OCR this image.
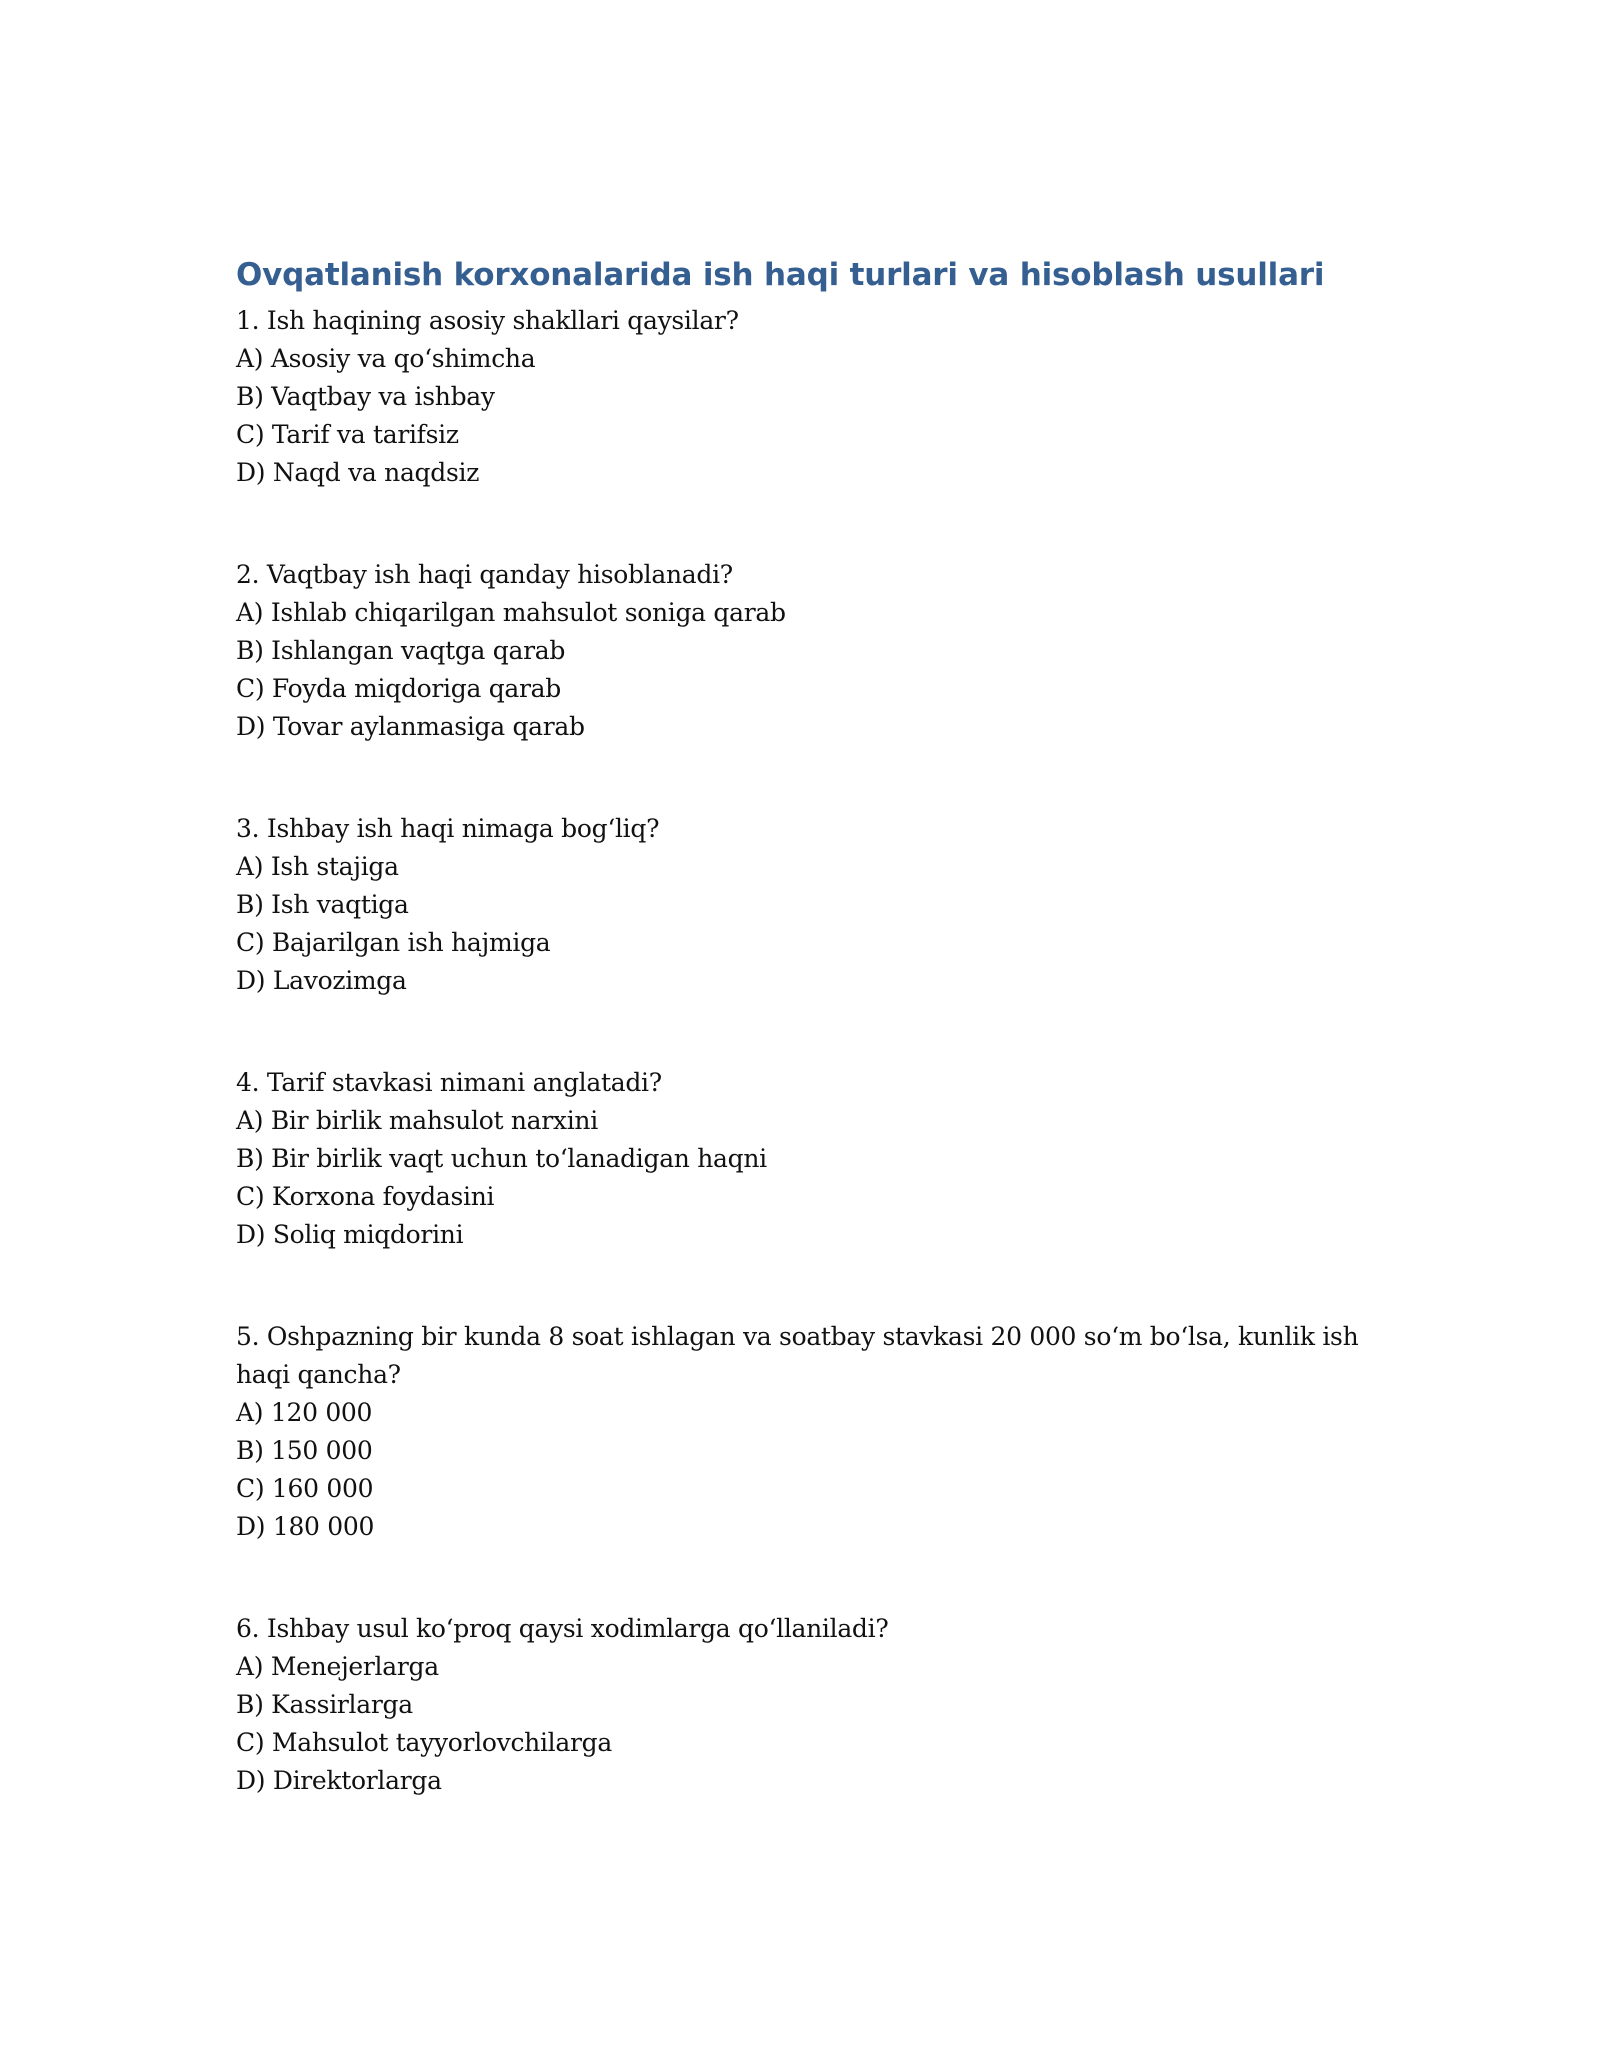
Ovqatlanish korxonalarida ish haqi turlari va hisoblash usullari

1. Ish haqining asosiy shakllari qaysilar?

A) Asosiy va qo‘shimcha
B) Vaqtbay va ishbay
C) Tarif va tarifsiz
D) Naqd va naqdsiz

2. Vaqtbay ish haqi qanday hisoblanadi?

A) Ishlab chiqarilgan mahsulot soniga qarab
B) Ishlangan vaqtga qarab
C) Foyda miqdoriga qarab
D) Tovar aylanmasiga qarab

3. Ishbay ish haqi nimaga bog‘liq?

A) Ish stajiga
B) Ish vaqtiga
C) Bajarilgan ish hajmiga
D) Lavozimga

4. Tarif stavkasi nimani anglatadi?

A) Bir birlik mahsulot narxini
B) Bir birlik vaqt uchun to‘lanadigan haqni
C) Korxona foydasini
D) Soliq miqdorini

5. Oshpazning bir kunda 8 soat ishlagan va soatbay stavkasi 20 000 so‘m bo‘lsa, kunlik ish haqi qancha?

A) 120 000
B) 150 000
C) 160 000
D) 180 000

6. Ishbay usul ko‘proq qaysi xodimlarga qo‘llaniladi?

A) Menejerlarga
B) Kassirlarga
C) Mahsulot tayyorlovchilarga
D) Direktorlarga
